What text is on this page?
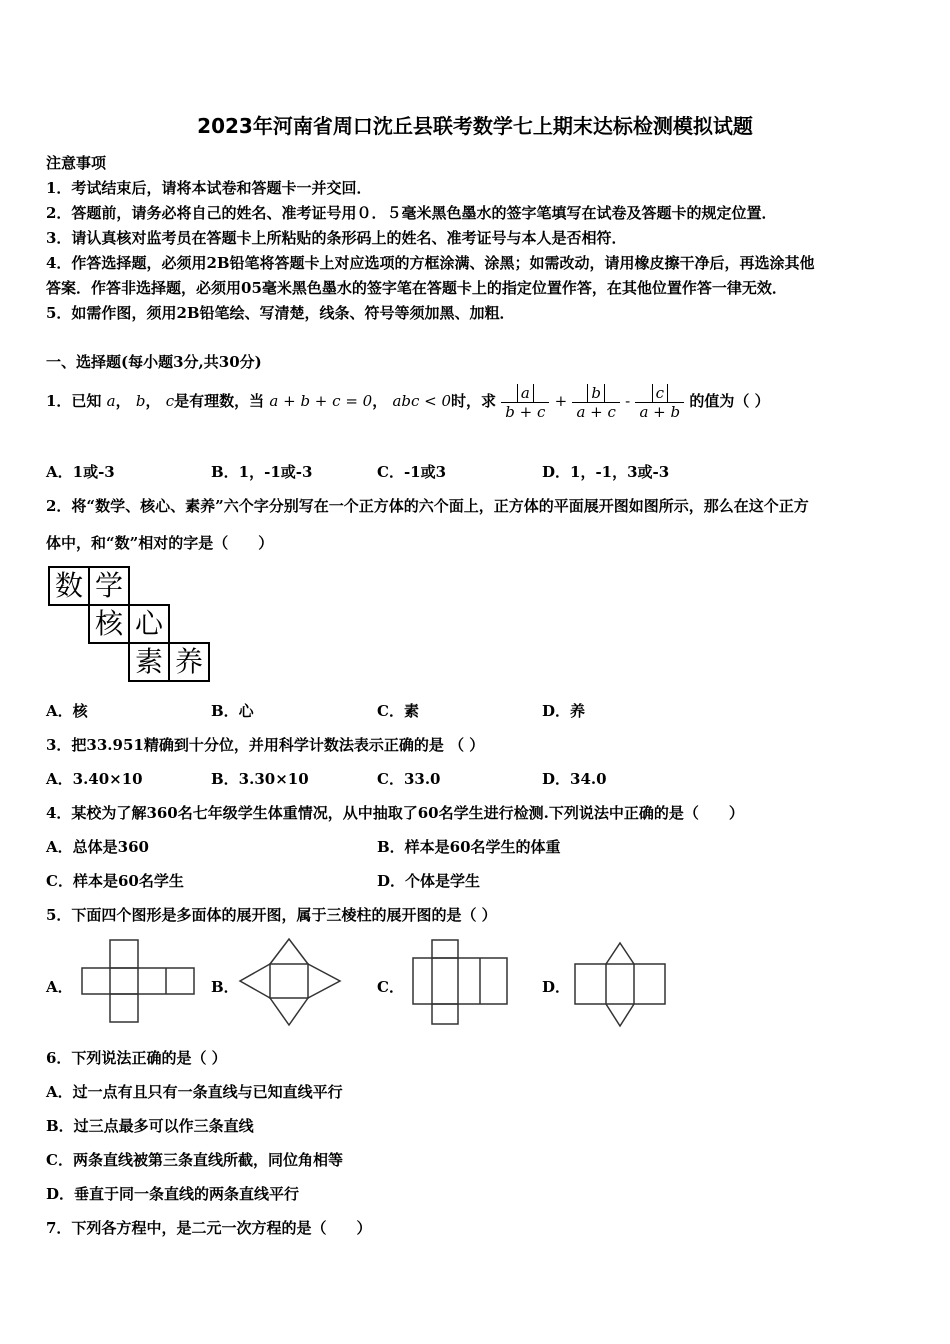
2023年河南省周口沈丘县联考数学七上期末达标检测模拟试题
注意事项
1．考试结束后，请将本试卷和答题卡一并交回．
2．答题前，请务必将自己的姓名、准考证号用０．５毫米黑色墨水的签字笔填写在试卷及答题卡的规定位置．
3．请认真核对监考员在答题卡上所粘贴的条形码上的姓名、准考证号与本人是否相符．
4．作答选择题，必须用2B铅笔将答题卡上对应选项的方框涂满、涂黑；如需改动，请用橡皮擦干净后，再选涂其他
答案．作答非选择题，必须用05毫米黑色墨水的签字笔在答题卡上的指定位置作答，在其他位置作答一律无效．
5．如需作图，须用2B铅笔绘、写清楚，线条、符号等须加黑、加粗．
一、选择题(每小题3分,共30分)
1．已知 a， b， c是有理数，当 a + b + c = 0， abc < 0时，求 $\frac{a}{b + c} + \frac{b}{a + c} - \frac{c}{a + b}$ 的值为（ ）
A．1或-3	B．1，-1或-3	C．-1或3	D．1，-1，3或-3
2．将“数学、核心、素养”六个字分别写在一个正方体的六个面上，正方体的平面展开图如图所示，那么在这个正方
体中，和“数”相对的字是（　　）
数 学
核 心
素 养
A．核	B．心	C．素	D．养
3．把33.951精确到十分位，并用科学计数法表示正确的是 （ ）
A．3.40×10	B．3.30×10	C．33.0	D．34.0
4．某校为了解360名七年级学生体重情况，从中抽取了60名学生进行检测.下列说法中正确的是（　　）
A．总体是360	B．样本是60名学生的体重
C．样本是60名学生	D．个体是学生
5．下面四个图形是多面体的展开图，属于三棱柱的展开图的是（ ）
A．	B．	C．	D．
6．下列说法正确的是（ ）
A．过一点有且只有一条直线与已知直线平行
B．过三点最多可以作三条直线
C．两条直线被第三条直线所截，同位角相等
D．垂直于同一条直线的两条直线平行
7．下列各方程中，是二元一次方程的是（　　）
